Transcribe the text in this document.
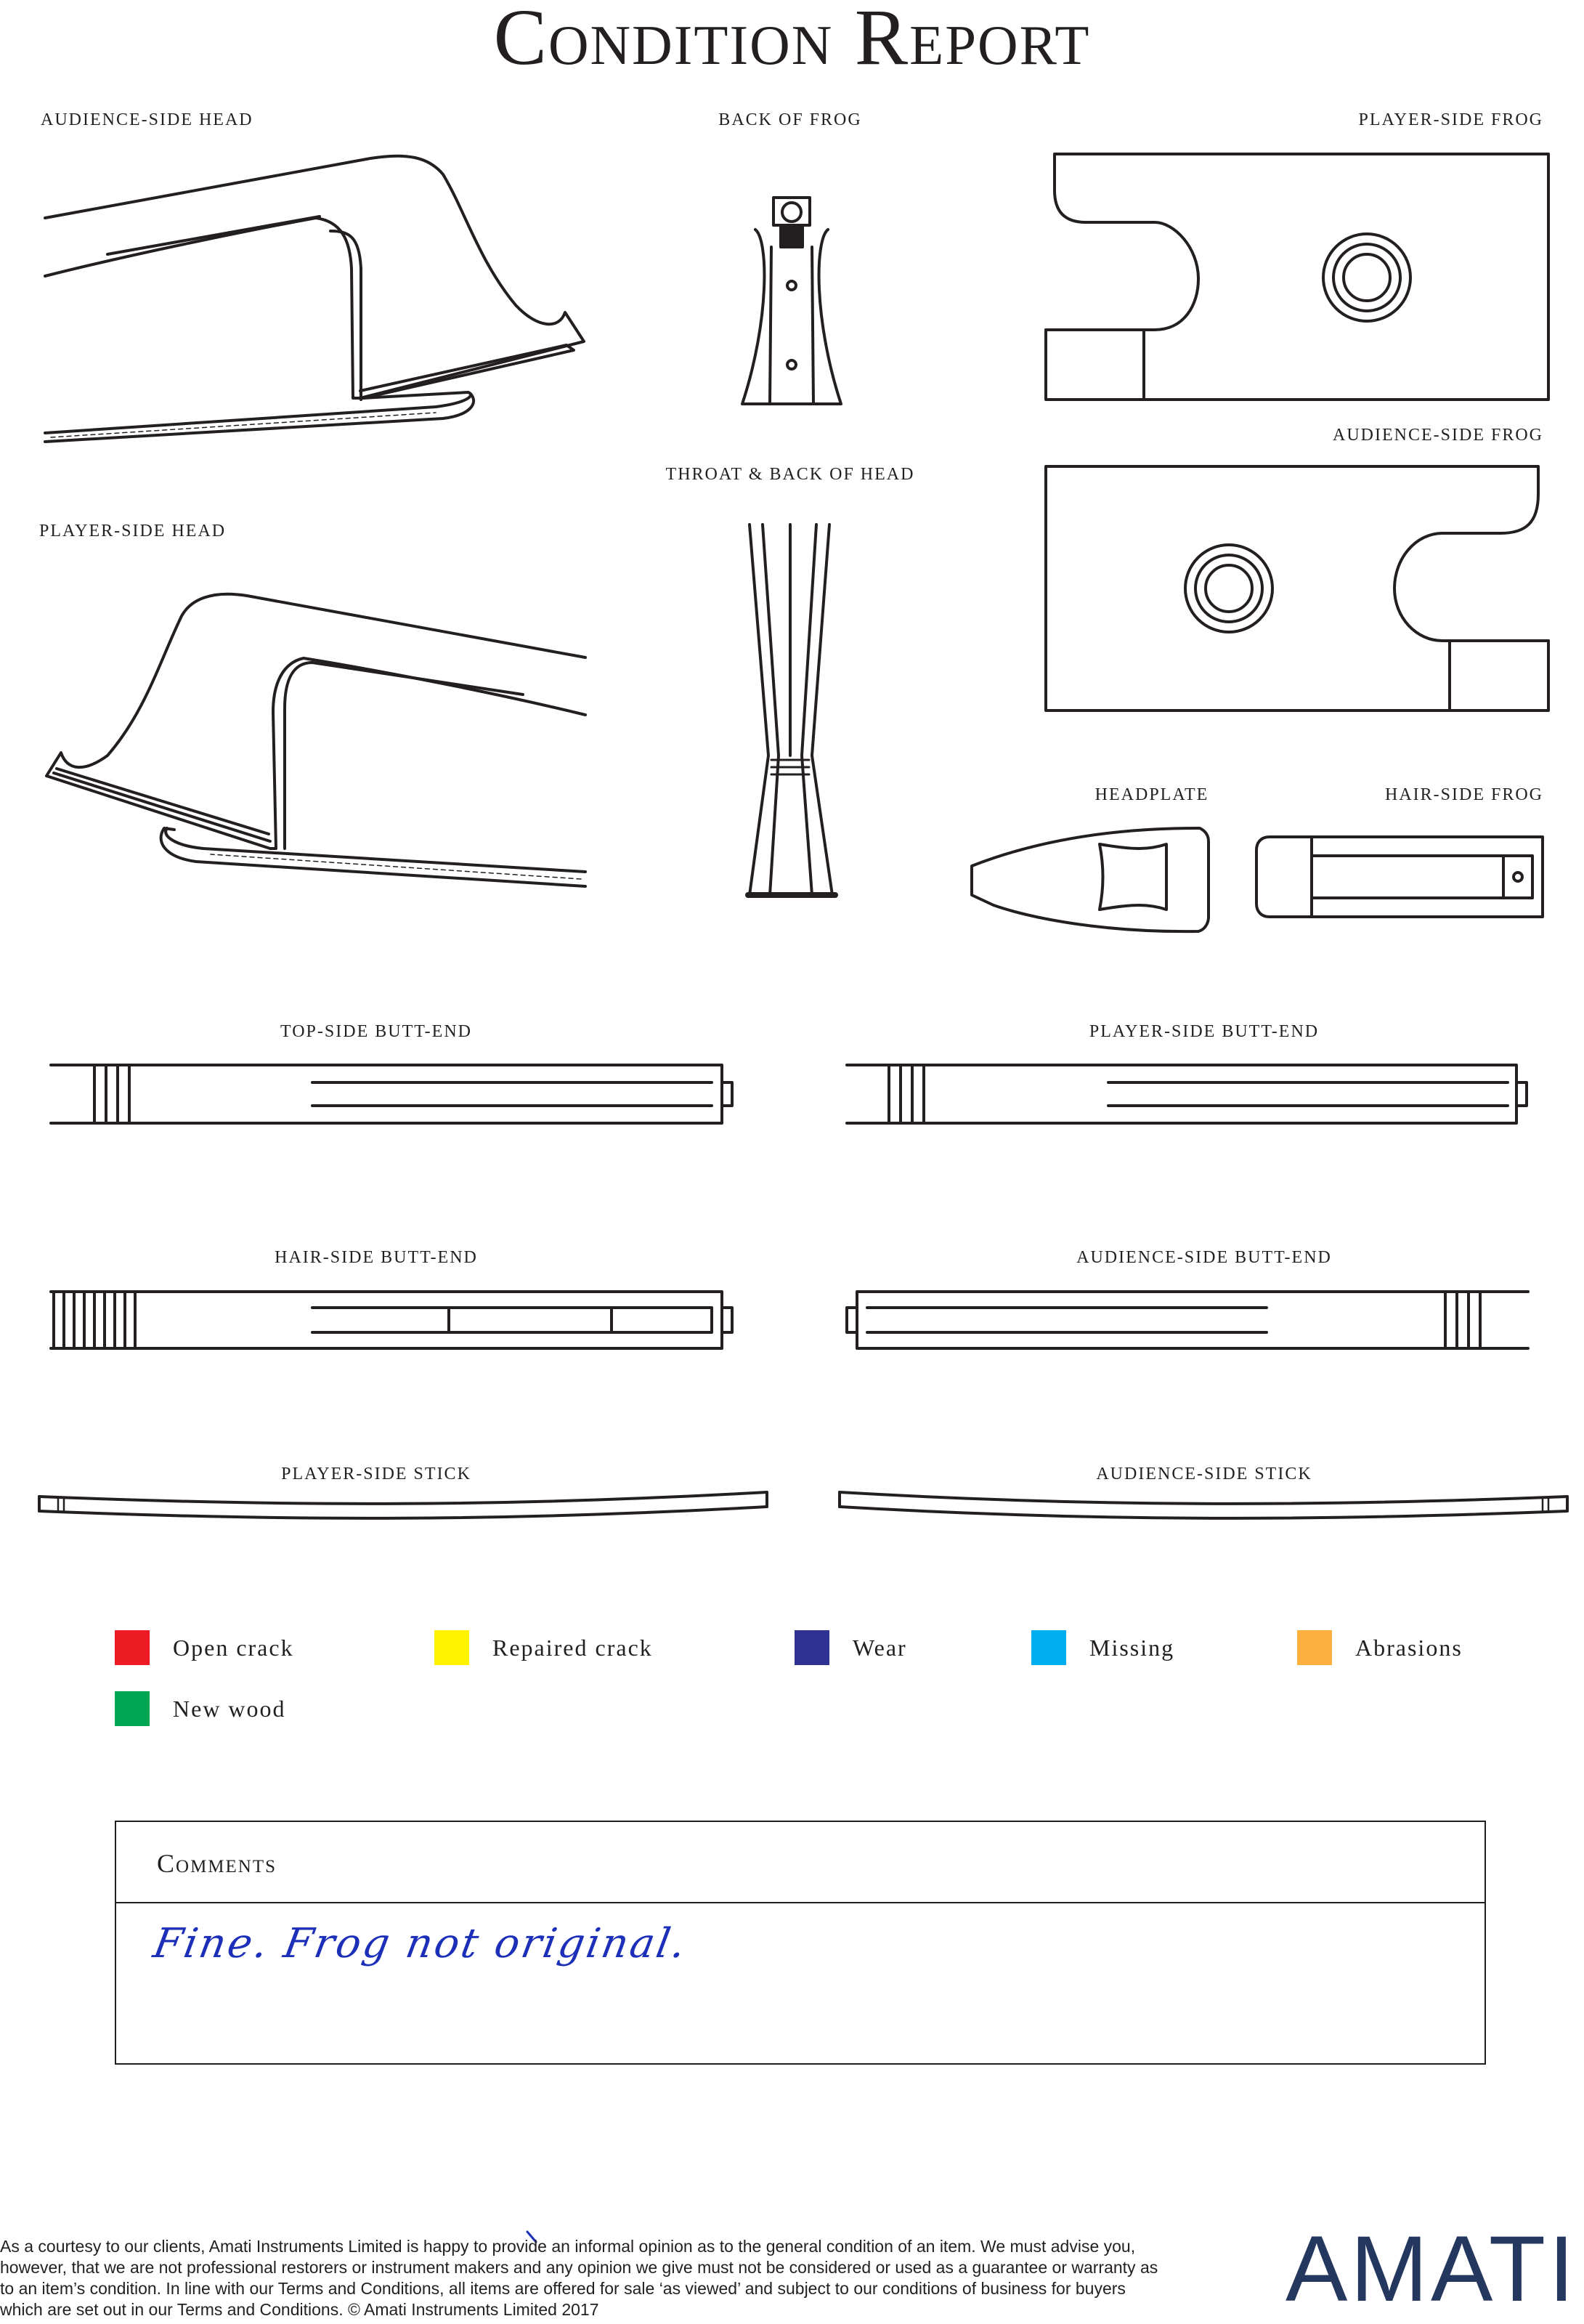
Condition Report
AUDIENCE-SIDE HEAD	BACK OF FROG	PLAYER-SIDE FROG
AUDIENCE-SIDE FROG
THROAT & BACK OF HEAD
PLAYER-SIDE HEAD
HEADPLATE	HAIR-SIDE FROG
TOP-SIDE BUTT-END	PLAYER-SIDE BUTT-END
HAIR-SIDE BUTT-END	AUDIENCE-SIDE BUTT-END
PLAYER-SIDE STICK	AUDIENCE-SIDE STICK
Open crack	Repaired crack	Wear	Missing	Abrasions
New wood
Comments
Fine. Frog not original.
As a courtesy to our clients, Amati Instruments Limited is happy to provide an informal opinion as to the general condition of an item. We must advise you, however, that we are not professional restorers or instrument makers and any opinion we give must not be considered or used as a guarantee or warranty as to an item’s condition. In line with our Terms and Conditions, all items are offered for sale ‘as viewed’ and subject to our conditions of business for buyers which are set out in our Terms and Conditions. © Amati Instruments Limited 2017	AMATI
